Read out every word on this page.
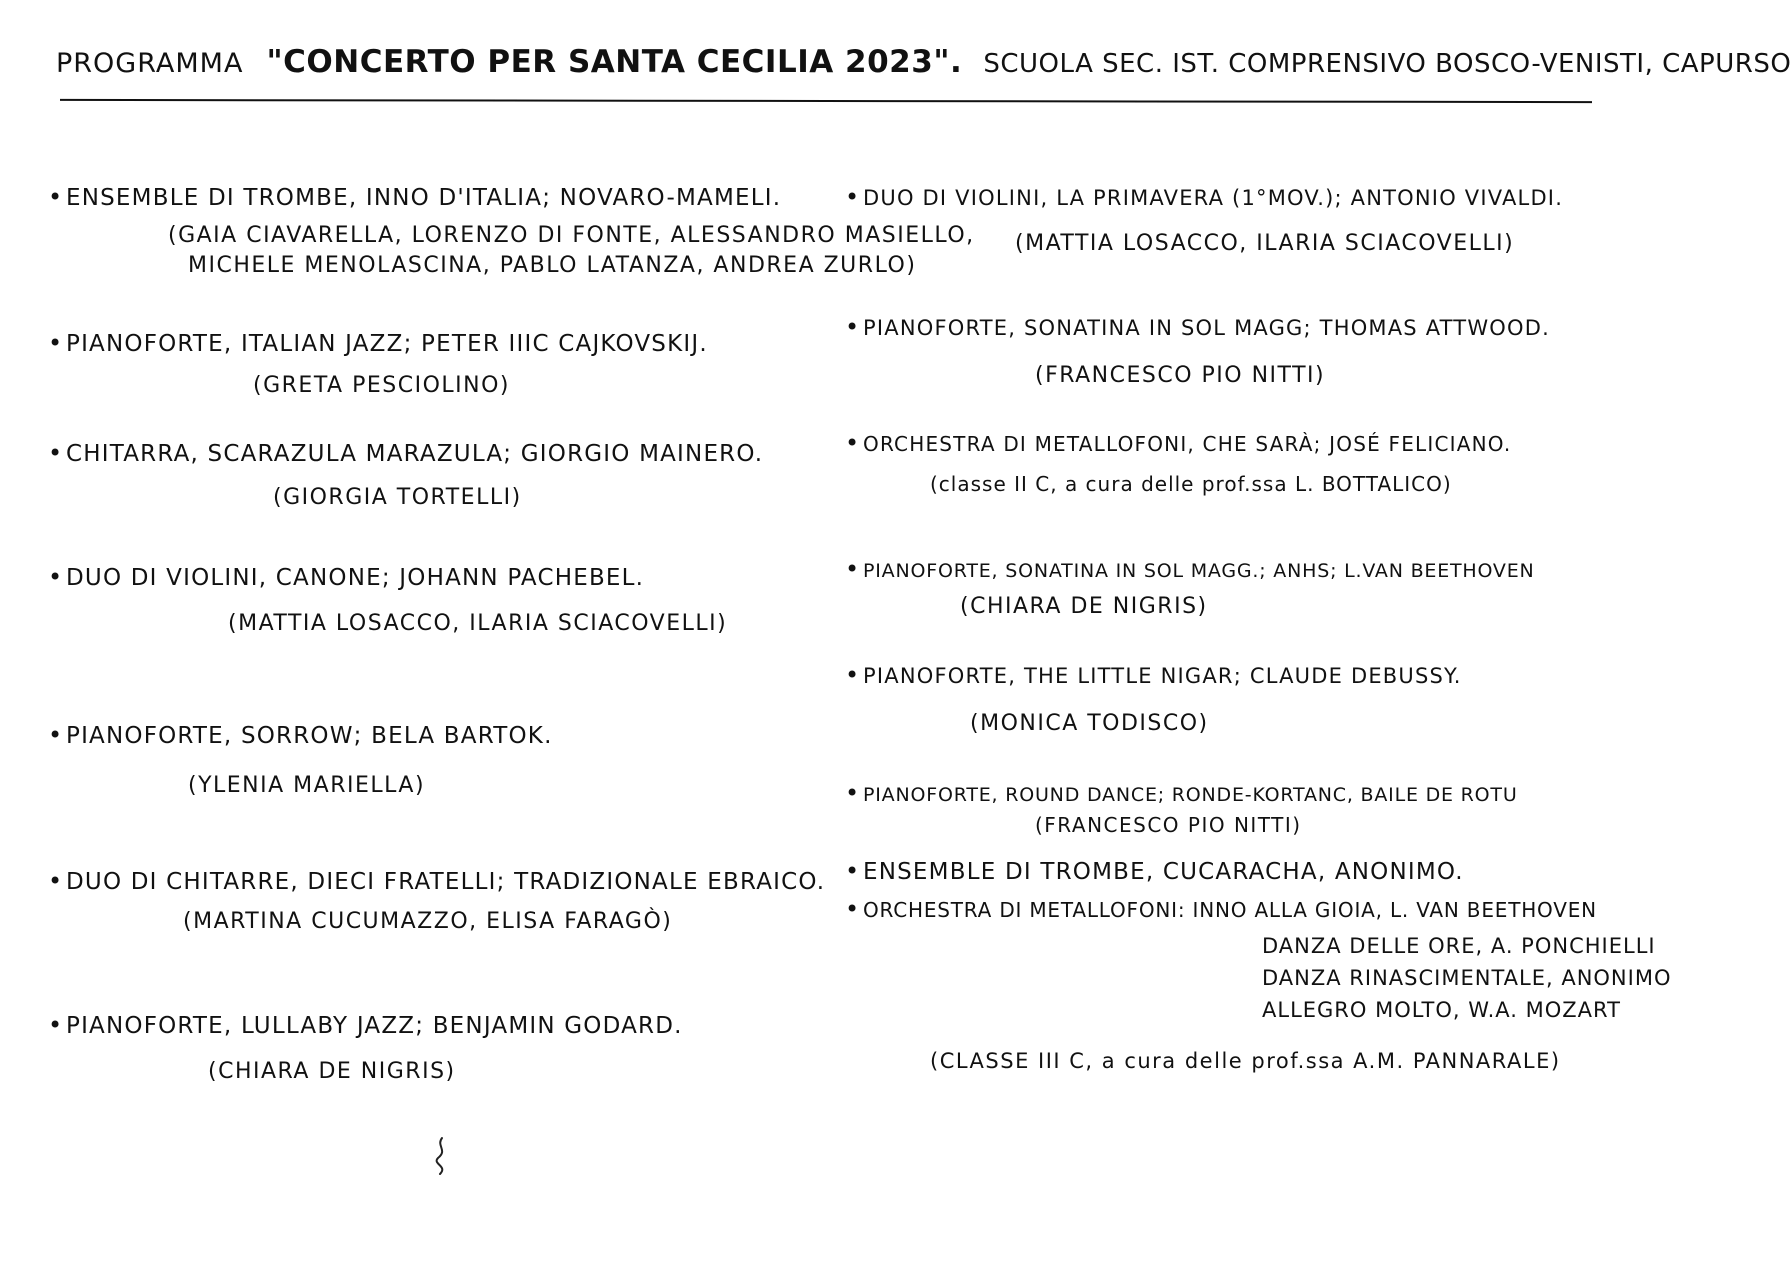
PROGRAMMA "CONCERTO PER SANTA CECILIA 2023". SCUOLA SEC. IST. COMPRENSIVO BOSCO-VENISTI, CAPURSO
• ENSEMBLE DI TROMBE, INNO D'ITALIA; NOVARO-MAMELI.
(GAIA CIAVARELLA, LORENZO DI FONTE, ALESSANDRO MASIELLO,
MICHELE MENOLASCINA, PABLO LATANZA, ANDREA ZURLO)
• PIANOFORTE, ITALIAN JAZZ; PETER IIIC CAJKOVSKIJ.
(GRETA PESCIOLINO)
• CHITARRA, SCARAZULA MARAZULA; GIORGIO MAINERO.
(GIORGIA TORTELLI)
• DUO DI VIOLINI, CANONE; JOHANN PACHEBEL.
(MATTIA LOSACCO, ILARIA SCIACOVELLI)
• PIANOFORTE, SORROW; BELA BARTOK.
(YLENIA MARIELLA)
• DUO DI CHITARRE, DIECI FRATELLI; TRADIZIONALE EBRAICO.
(MARTINA CUCUMAZZO, ELISA FARAGÒ)
• PIANOFORTE, LULLABY JAZZ; BENJAMIN GODARD.
(CHIARA DE NIGRIS)
• DUO DI VIOLINI, LA PRIMAVERA (1°MOV.); ANTONIO VIVALDI.
(MATTIA LOSACCO, ILARIA SCIACOVELLI)
• PIANOFORTE, SONATINA IN SOL MAGG; THOMAS ATTWOOD.
(FRANCESCO PIO NITTI)
• ORCHESTRA DI METALLOFONI, CHE SARÀ; JOSÉ FELICIANO.
(classe II C, a cura delle prof.ssa L. BOTTALICO)
• PIANOFORTE, SONATINA IN SOL MAGG.; ANHS; L.VAN BEETHOVEN
(CHIARA DE NIGRIS)
• PIANOFORTE, THE LITTLE NIGAR; CLAUDE DEBUSSY.
(MONICA TODISCO)
• PIANOFORTE, ROUND DANCE; RONDE-KORTANC, BAILE DE ROTU
(FRANCESCO PIO NITTI)
• ENSEMBLE DI TROMBE, CUCARACHA, ANONIMO.
• ORCHESTRA DI METALLOFONI: INNO ALLA GIOIA, L. VAN BEETHOVEN
DANZA DELLE ORE, A. PONCHIELLI
DANZA RINASCIMENTALE, ANONIMO
ALLEGRO MOLTO, W.A. MOZART
(CLASSE III C, a cura delle prof.ssa A.M. PANNARALE)
